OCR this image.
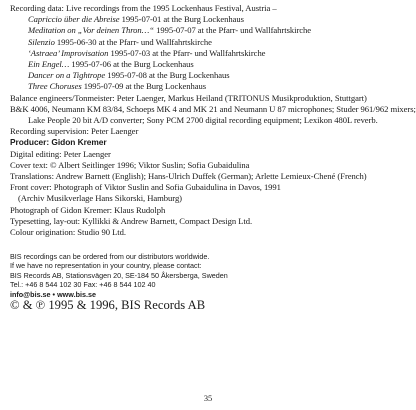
Recording data: Live recordings from the 1995 Lockenhaus Festival, Austria –
Capriccio über die Abreise 1995-07-01 at the Burg Lockenhaus
Meditation on „Vor deinen Thron…“ 1995-07-07 at the Pfarr- und Wallfahrtskirche
Silenzio 1995-06-30 at the Pfarr- und Wallfahrtskirche
‘Astraea’ Improvisation 1995-07-03 at the Pfarr- und Wallfahrtskirche
Ein Engel… 1995-07-06 at the Burg Lockenhaus
Dancer on a Tightrope 1995-07-08 at the Burg Lockenhaus
Three Choruses 1995-07-09 at the Burg Lockenhaus
Balance engineers/Tonmeister: Peter Laenger, Markus Heiland (TRITONUS Musikproduktion, Stuttgart)
B&K 4006, Neumann KM 83/84, Schoeps MK 4 and MK 21 and Neumann U 87 microphones; Studer 961/962 mixers;
Lake People 20 bit A/D converter; Sony PCM 2700 digital recording equipment; Lexikon 480L reverb.
Recording supervision: Peter Laenger
Producer: Gidon Kremer
Digital editing: Peter Laenger
Cover text: © Albert Seitlinger 1996; Viktor Suslin; Sofia Gubaidulina
Translations: Andrew Barnett (English); Hans-Ulrich Duffek (German); Arlette Lemieux-Chené (French)
Front cover: Photograph of Viktor Suslin and Sofia Gubaidulina in Davos, 1991
(Archiv Musikverlage Hans Sikorski, Hamburg)
Photograph of Gidon Kremer: Klaus Rudolph
Typesetting, lay-out: Kyllikki & Andrew Barnett, Compact Design Ltd.
Colour origination: Studio 90 Ltd.
BIS recordings can be ordered from our distributors worldwide.
If we have no representation in your country, please contact:
BIS Records AB, Stationsvägen 20, SE-184 50 Åkersberga, Sweden
Tel.: +46 8 544 102 30 Fax: +46 8 544 102 40
info@bis.se • www.bis.se
© & ℗ 1995 & 1996, BIS Records AB
35
